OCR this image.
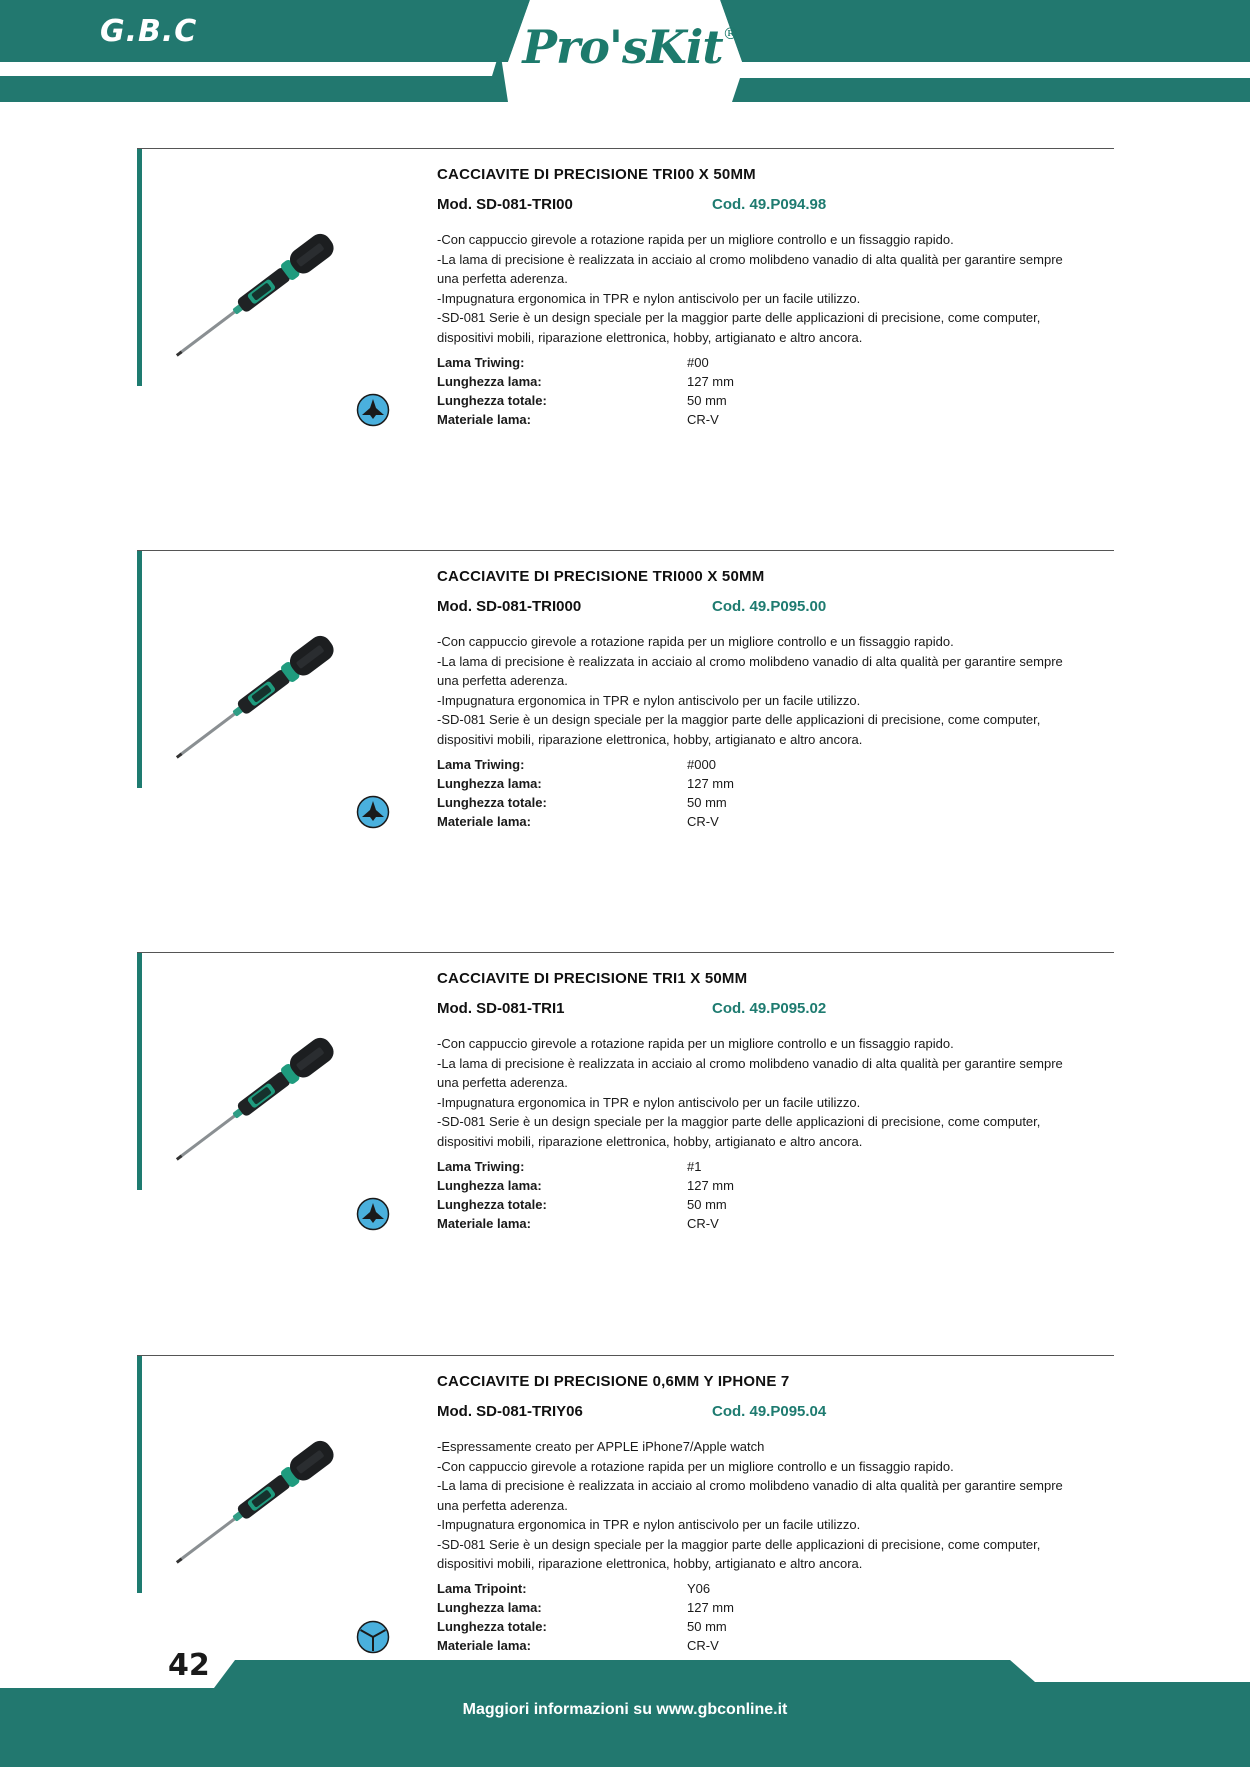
G.B.C	Pro'sKit®
CACCIAVITE DI PRECISIONE TRI00 X 50MM
Mod. SD-081-TRI00	Cod. 49.P094.98
-Con cappuccio girevole a rotazione rapida per un migliore controllo e un fissaggio rapido.
-La lama di precisione è realizzata in acciaio al cromo molibdeno vanadio di alta qualità per garantire sempre
una perfetta aderenza.
-Impugnatura ergonomica in TPR e nylon antiscivolo per un facile utilizzo.
-SD-081 Serie è un design speciale per la maggior parte delle applicazioni di precisione, come computer,
dispositivi mobili, riparazione elettronica, hobby, artigianato e altro ancora.
Lama Triwing:	#00
Lunghezza lama:	127 mm
Lunghezza totale:	50 mm
Materiale lama:	CR-V
CACCIAVITE DI PRECISIONE TRI000 X 50MM
Mod. SD-081-TRI000	Cod. 49.P095.00
-Con cappuccio girevole a rotazione rapida per un migliore controllo e un fissaggio rapido.
-La lama di precisione è realizzata in acciaio al cromo molibdeno vanadio di alta qualità per garantire sempre
una perfetta aderenza.
-Impugnatura ergonomica in TPR e nylon antiscivolo per un facile utilizzo.
-SD-081 Serie è un design speciale per la maggior parte delle applicazioni di precisione, come computer,
dispositivi mobili, riparazione elettronica, hobby, artigianato e altro ancora.
Lama Triwing:	#000
Lunghezza lama:	127 mm
Lunghezza totale:	50 mm
Materiale lama:	CR-V
CACCIAVITE DI PRECISIONE TRI1 X 50MM
Mod. SD-081-TRI1	Cod. 49.P095.02
-Con cappuccio girevole a rotazione rapida per un migliore controllo e un fissaggio rapido.
-La lama di precisione è realizzata in acciaio al cromo molibdeno vanadio di alta qualità per garantire sempre
una perfetta aderenza.
-Impugnatura ergonomica in TPR e nylon antiscivolo per un facile utilizzo.
-SD-081 Serie è un design speciale per la maggior parte delle applicazioni di precisione, come computer,
dispositivi mobili, riparazione elettronica, hobby, artigianato e altro ancora.
Lama Triwing:	#1
Lunghezza lama:	127 mm
Lunghezza totale:	50 mm
Materiale lama:	CR-V
CACCIAVITE DI PRECISIONE 0,6MM Y IPHONE 7
Mod. SD-081-TRIY06	Cod. 49.P095.04
-Espressamente creato per APPLE iPhone7/Apple watch
-Con cappuccio girevole a rotazione rapida per un migliore controllo e un fissaggio rapido.
-La lama di precisione è realizzata in acciaio al cromo molibdeno vanadio di alta qualità per garantire sempre
una perfetta aderenza.
-Impugnatura ergonomica in TPR e nylon antiscivolo per un facile utilizzo.
-SD-081 Serie è un design speciale per la maggior parte delle applicazioni di precisione, come computer,
dispositivi mobili, riparazione elettronica, hobby, artigianato e altro ancora.
Lama Tripoint:	Y06
Lunghezza lama:	127 mm
Lunghezza totale:	50 mm
Materiale lama:	CR-V
42
Maggiori informazioni su www.gbconline.it
